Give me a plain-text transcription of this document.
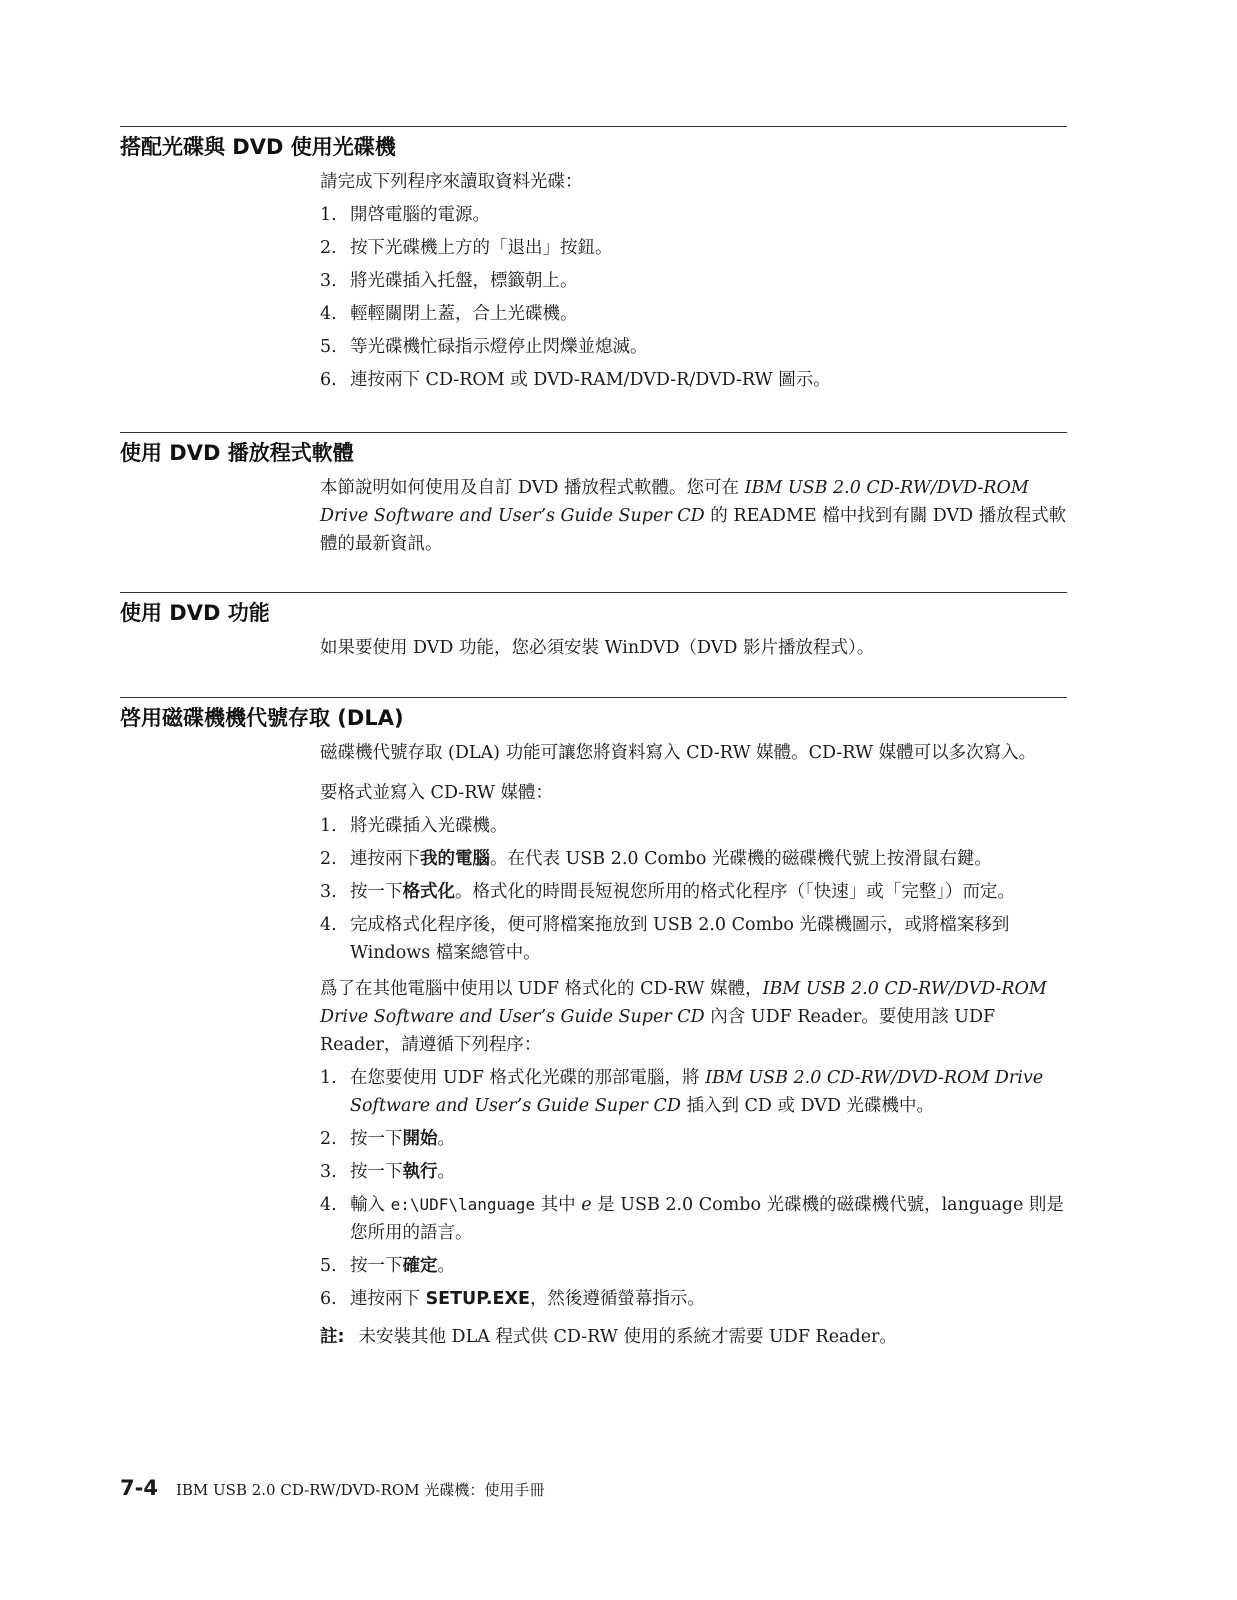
搭配光碟與 DVD 使用光碟機

請完成下列程序來讀取資料光碟：

1. 開啓電腦的電源。
2. 按下光碟機上方的「退出」按鈕。
3. 將光碟插入托盤，標籤朝上。
4. 輕輕關閉上蓋，合上光碟機。
5. 等光碟機忙碌指示燈停止閃爍並熄滅。
6. 連按兩下 CD-ROM 或 DVD-RAM/DVD-R/DVD-RW 圖示。
使用 DVD 播放程式軟體

本節說明如何使用及自訂 DVD 播放程式軟體。您可在 IBM USB 2.0 CD-RW/DVD-ROM Drive Software and User’s Guide Super CD 的 README 檔中找到有關 DVD 播放程式軟體的最新資訊。

使用 DVD 功能

如果要使用 DVD 功能，您必須安裝 WinDVD（DVD 影片播放程式）。

啓用磁碟機機代號存取 (DLA)

磁碟機代號存取 (DLA) 功能可讓您將資料寫入 CD-RW 媒體。CD-RW 媒體可以多次寫入。

要格式並寫入 CD-RW 媒體：

1. 將光碟插入光碟機。
2. 連按兩下我的電腦。在代表 USB 2.0 Combo 光碟機的磁碟機代號上按滑鼠右鍵。
3. 按一下格式化。格式化的時間長短視您所用的格式化程序（「快速」或「完整」）而定。
4. 完成格式化程序後，便可將檔案拖放到 USB 2.0 Combo 光碟機圖示，或將檔案移到 Windows 檔案總管中。

爲了在其他電腦中使用以 UDF 格式化的 CD-RW 媒體，IBM USB 2.0 CD-RW/DVD-ROM Drive Software and User’s Guide Super CD 內含 UDF Reader。要使用該 UDF Reader，請遵循下列程序：

1. 在您要使用 UDF 格式化光碟的那部電腦，將 IBM USB 2.0 CD-RW/DVD-ROM Drive Software and User’s Guide Super CD 插入到 CD 或 DVD 光碟機中。
2. 按一下開始。
3. 按一下執行。
4. 輸入 e:\UDF\language 其中 e 是 USB 2.0 Combo 光碟機的磁碟機代號，language 則是您所用的語言。
5. 按一下確定。
6. 連按兩下 SETUP.EXE，然後遵循螢幕指示。

註: 未安裝其他 DLA 程式供 CD-RW 使用的系統才需要 UDF Reader。

7-4 IBM USB 2.0 CD-RW/DVD-ROM 光碟機：使用手冊
